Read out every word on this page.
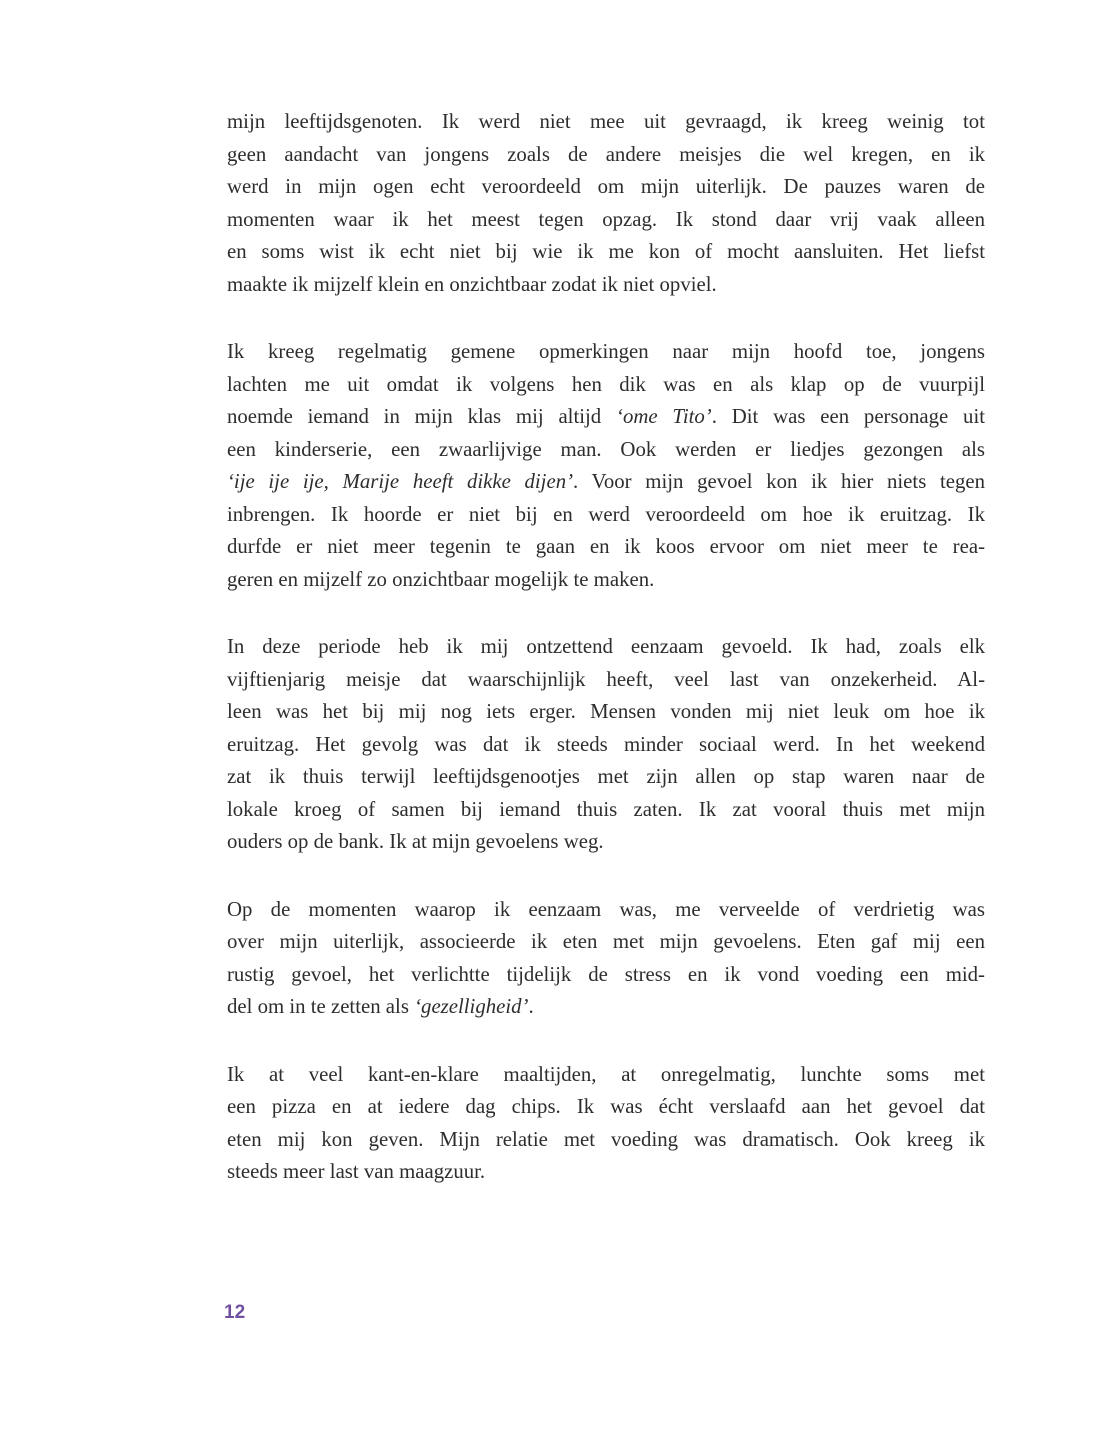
mijn leeftijdsgenoten. Ik werd niet mee uit gevraagd, ik kreeg weinig tot
geen aandacht van jongens zoals de andere meisjes die wel kregen, en ik
werd in mijn ogen echt veroordeeld om mijn uiterlijk. De pauzes waren de
momenten waar ik het meest tegen opzag. Ik stond daar vrij vaak alleen
en soms wist ik echt niet bij wie ik me kon of mocht aansluiten. Het liefst
maakte ik mijzelf klein en onzichtbaar zodat ik niet opviel.
Ik kreeg regelmatig gemene opmerkingen naar mijn hoofd toe, jongens
lachten me uit omdat ik volgens hen dik was en als klap op de vuurpijl
noemde iemand in mijn klas mij altijd ‘ome Tito’. Dit was een personage uit
een kinderserie, een zwaarlijvige man. Ook werden er liedjes gezongen als
‘ije ije ije, Marije heeft dikke dijen’. Voor mijn gevoel kon ik hier niets tegen
inbrengen. Ik hoorde er niet bij en werd veroordeeld om hoe ik eruitzag. Ik
durfde er niet meer tegenin te gaan en ik koos ervoor om niet meer te rea-
geren en mijzelf zo onzichtbaar mogelijk te maken.
In deze periode heb ik mij ontzettend eenzaam gevoeld. Ik had, zoals elk
vijftienjarig meisje dat waarschijnlijk heeft, veel last van onzekerheid. Al-
leen was het bij mij nog iets erger. Mensen vonden mij niet leuk om hoe ik
eruitzag. Het gevolg was dat ik steeds minder sociaal werd. In het weekend
zat ik thuis terwijl leeftijdsgenootjes met zijn allen op stap waren naar de
lokale kroeg of samen bij iemand thuis zaten. Ik zat vooral thuis met mijn
ouders op de bank. Ik at mijn gevoelens weg.
Op de momenten waarop ik eenzaam was, me verveelde of verdrietig was
over mijn uiterlijk, associeerde ik eten met mijn gevoelens. Eten gaf mij een
rustig gevoel, het verlichtte tijdelijk de stress en ik vond voeding een mid-
del om in te zetten als ‘gezelligheid’.
Ik at veel kant-en-klare maaltijden, at onregelmatig, lunchte soms met
een pizza en at iedere dag chips. Ik was écht verslaafd aan het gevoel dat
eten mij kon geven. Mijn relatie met voeding was dramatisch. Ook kreeg ik
steeds meer last van maagzuur.
12
